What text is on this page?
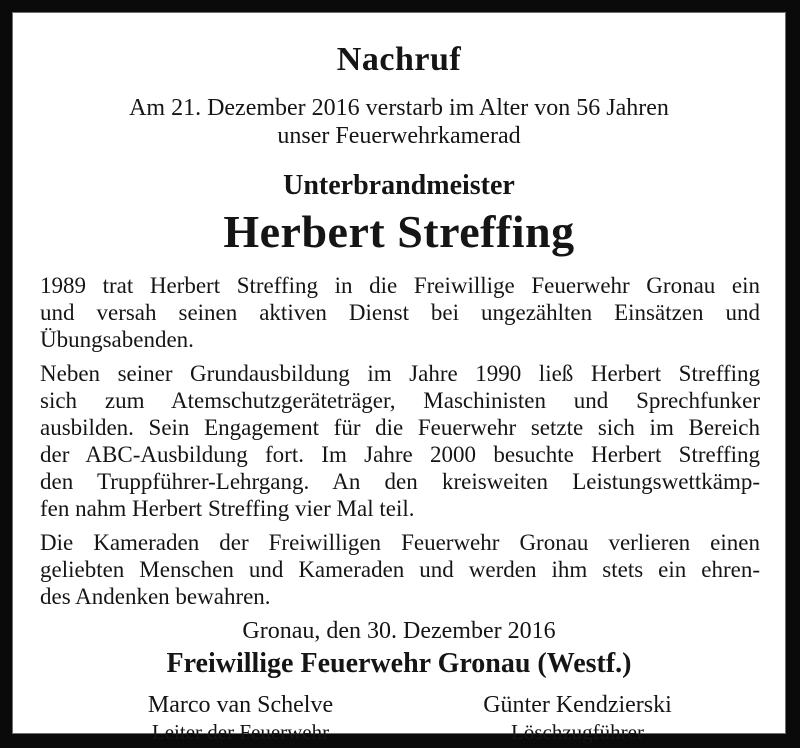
Nachruf
Am 21. Dezember 2016 verstarb im Alter von 56 Jahren
unser Feuerwehrkamerad
Unterbrandmeister
Herbert Streffing
1989 trat Herbert Streffing in die Freiwillige Feuerwehr Gronau ein
und versah seinen aktiven Dienst bei ungezählten Einsätzen und
Übungsabenden.
Neben seiner Grundausbildung im Jahre 1990 ließ Herbert Streffing
sich zum Atemschutzgeräteträger, Maschinisten und Sprechfunker
ausbilden. Sein Engagement für die Feuerwehr setzte sich im Bereich
der ABC-Ausbildung fort. Im Jahre 2000 besuchte Herbert Streffing
den Truppführer-Lehrgang. An den kreisweiten Leistungswettkämp-
fen nahm Herbert Streffing vier Mal teil.
Die Kameraden der Freiwilligen Feuerwehr Gronau verlieren einen
geliebten Menschen und Kameraden und werden ihm stets ein ehren-
des Andenken bewahren.
Gronau, den 30. Dezember 2016
Freiwillige Feuerwehr Gronau (Westf.)
Marco van Schelve
Leiter der Feuerwehr
Günter Kendzierski
Löschzugführer
